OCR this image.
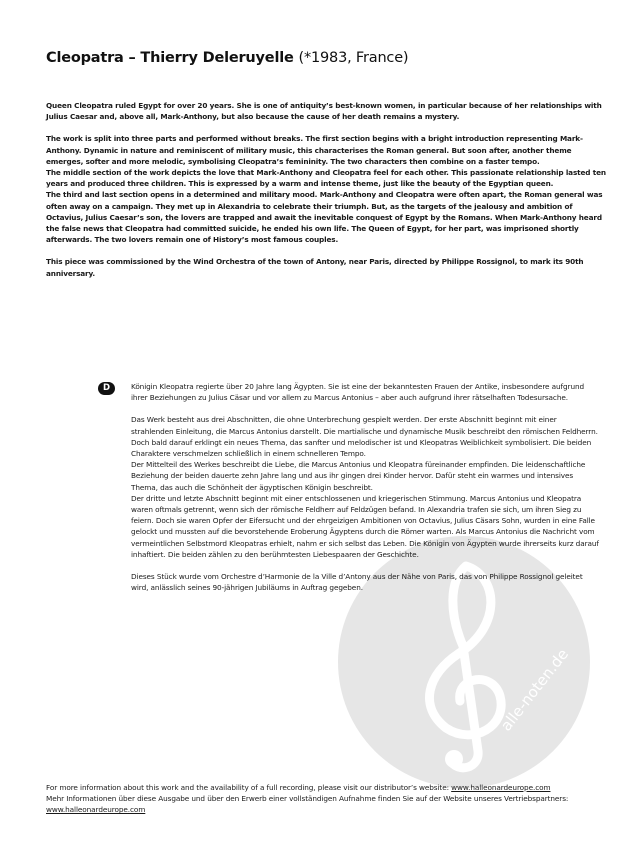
alle-noten.de
Cleopatra – Thierry Deleruyelle (*1983, France)

Queen Cleopatra ruled Egypt for over 20 years. She is one of antiquity’s best-known women, in particular because of her relationships with Julius Caesar and, above all, Mark-Anthony, but also because the cause of her death remains a mystery.

The work is split into three parts and performed without breaks. The first section begins with a bright introduction representing Mark-Anthony. Dynamic in nature and reminiscent of military music, this characterises the Roman general. But soon after, another theme emerges, softer and more melodic, symbolising Cleopatra’s femininity. The two characters then combine on a faster tempo.

The middle section of the work depicts the love that Mark-Anthony and Cleopatra feel for each other. This passionate relationship lasted ten years and produced three children. This is expressed by a warm and intense theme, just like the beauty of the Egyptian queen.

The third and last section opens in a determined and military mood. Mark-Anthony and Cleopatra were often apart, the Roman general was often away on a campaign. They met up in Alexandria to celebrate their triumph. But, as the targets of the jealousy and ambition of Octavius, Julius Caesar’s son, the lovers are trapped and await the inevitable conquest of Egypt by the Romans. When Mark-Anthony heard the false news that Cleopatra had committed suicide, he ended his own life. The Queen of Egypt, for her part, was imprisoned shortly afterwards. The two lovers remain one of History’s most famous couples.

This piece was commissioned by the Wind Orchestra of the town of Antony, near Paris, directed by Philippe Rossignol, to mark its 90th anniversary.

D	Königin Kleopatra regierte über 20 Jahre lang Ägypten. Sie ist eine der bekanntesten Frauen der Antike, insbesondere aufgrund ihrer Beziehungen zu Julius Cäsar und vor allem zu Marcus Antonius – aber auch aufgrund ihrer rätselhaften Todesursache.

Das Werk besteht aus drei Abschnitten, die ohne Unterbrechung gespielt werden. Der erste Abschnitt beginnt mit einer strahlenden Einleitung, die Marcus Antonius darstellt. Die martialische und dynamische Musik beschreibt den römischen Feldherrn. Doch bald darauf erklingt ein neues Thema, das sanfter und melodischer ist und Kleopatras Weiblichkeit symbolisiert. Die beiden Charaktere verschmelzen schließlich in einem schnelleren Tempo.

Der Mittelteil des Werkes beschreibt die Liebe, die Marcus Antonius und Kleopatra füreinander empfinden. Die leidenschaftliche Beziehung der beiden dauerte zehn Jahre lang und aus ihr gingen drei Kinder hervor. Dafür steht ein warmes und intensives Thema, das auch die Schönheit der ägyptischen Königin beschreibt.

Der dritte und letzte Abschnitt beginnt mit einer entschlossenen und kriegerischen Stimmung. Marcus Antonius und Kleopatra waren oftmals getrennt, wenn sich der römische Feldherr auf Feldzügen befand. In Alexandria trafen sie sich, um ihren Sieg zu feiern. Doch sie waren Opfer der Eifersucht und der ehrgeizigen Ambitionen von Octavius, Julius Cäsars Sohn, wurden in eine Falle gelockt und mussten auf die bevorstehende Eroberung Ägyptens durch die Römer warten. Als Marcus Antonius die Nachricht vom vermeintlichen Selbstmord Kleopatras erhielt, nahm er sich selbst das Leben. Die Königin von Ägypten wurde ihrerseits kurz darauf inhaftiert. Die beiden zählen zu den berühmtesten Liebespaaren der Geschichte.

Dieses Stück wurde vom Orchestre d’Harmonie de la Ville d’Antony aus der Nähe von Paris, das von Philippe Rossignol geleitet wird, anlässlich seines 90-jährigen Jubiläums in Auftrag gegeben.

For more information about this work and the availability of a full recording, please visit our distributor’s website: www.halleonardeurope.com
Mehr Informationen über diese Ausgabe und über den Erwerb einer vollständigen Aufnahme finden Sie auf der Website unseres Vertriebspartners:
www.halleonardeurope.com
